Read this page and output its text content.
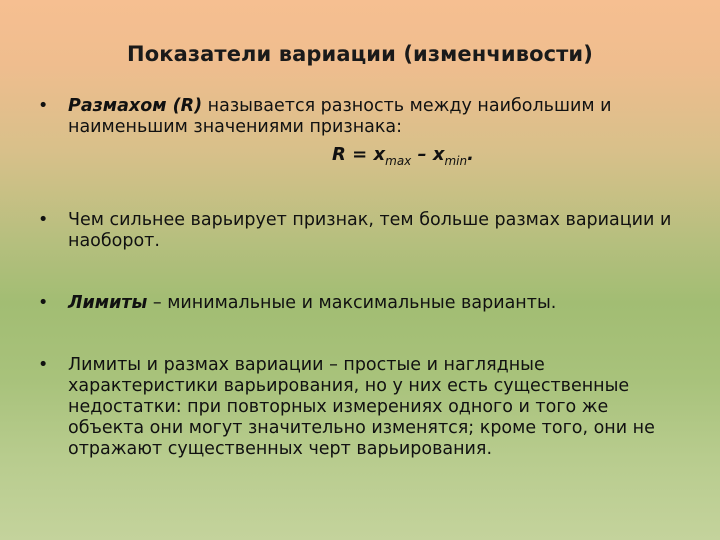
Показатели вариации (изменчивости)
• Размахом (R) называется разность между наибольшим и наименьшим значениями признака:
$R = x_{max} - x_{min}$.
• Чем сильнее варьирует признак, тем больше размах вариации и наоборот.
• Лимиты – минимальные и максимальные варианты.
• Лимиты и размах вариации – простые и наглядные характеристики варьирования, но у них есть существенные недостатки: при повторных измерениях одного и того же объекта они могут значительно изменятся; кроме того, они не отражают существенных черт варьирования.
